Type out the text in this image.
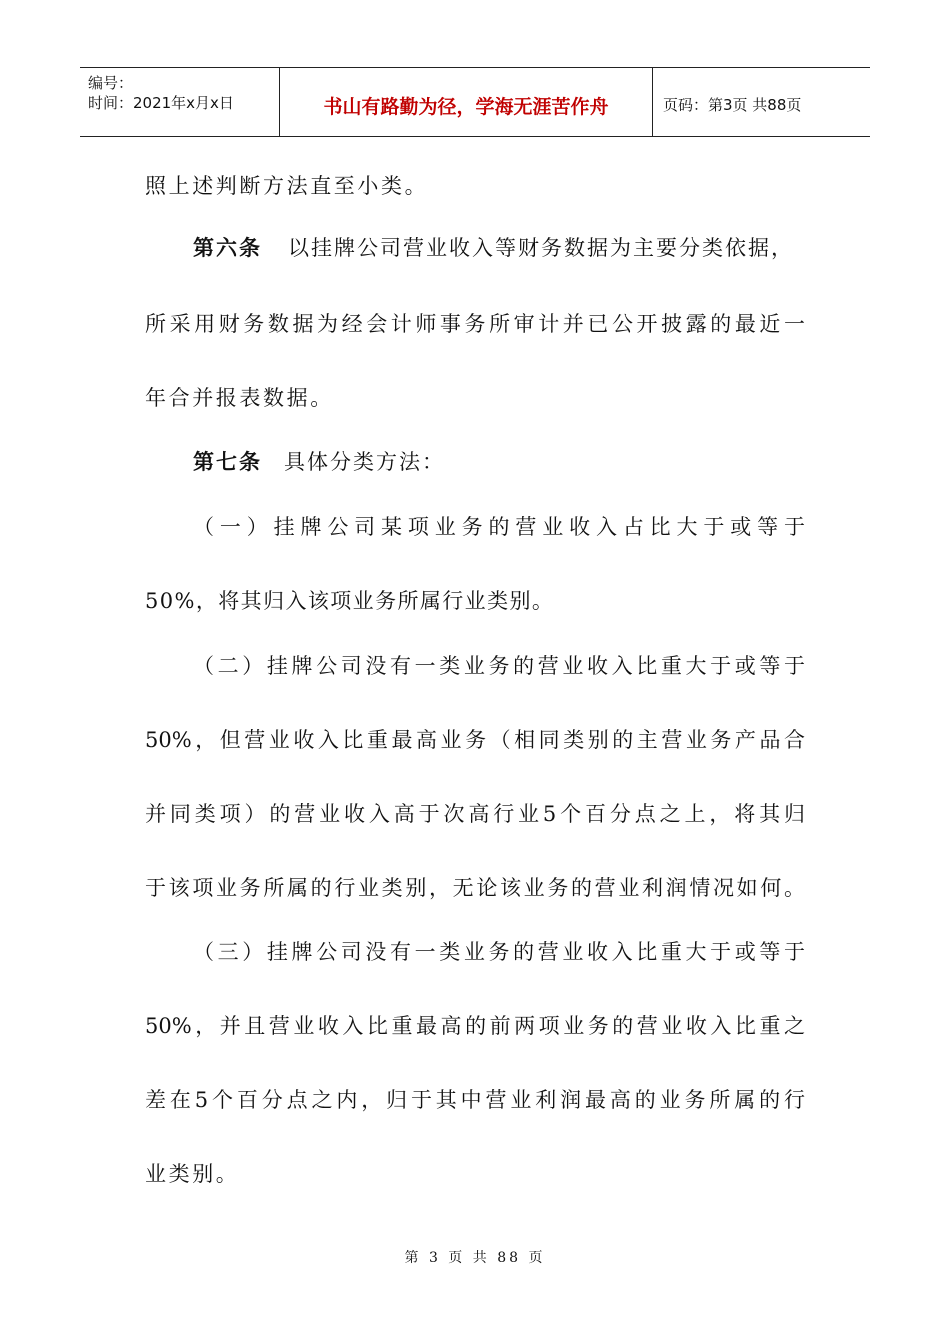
编号：
时间：2021年x月x日	书山有路勤为径，学海无涯苦作舟	页码：第3页 共88页
照上述判断方法直至小类。
第六条 以挂牌公司营业收入等财务数据为主要分类依据，
所采用财务数据为经会计师事务所审计并已公开披露的最近一
年合并报表数据。
第七条 具体分类方法：
（一）挂牌公司某项业务的营业收入占比大于或等于
50%，将其归入该项业务所属行业类别。
（二）挂牌公司没有一类业务的营业收入比重大于或等于
50%，但营业收入比重最高业务（相同类别的主营业务产品合
并同类项）的营业收入高于次高行业5个百分点之上，将其归
于该项业务所属的行业类别，无论该业务的营业利润情况如何。
（三）挂牌公司没有一类业务的营业收入比重大于或等于
50%，并且营业收入比重最高的前两项业务的营业收入比重之
差在5个百分点之内，归于其中营业利润最高的业务所属的行
业类别。
第 3 页 共 88 页
